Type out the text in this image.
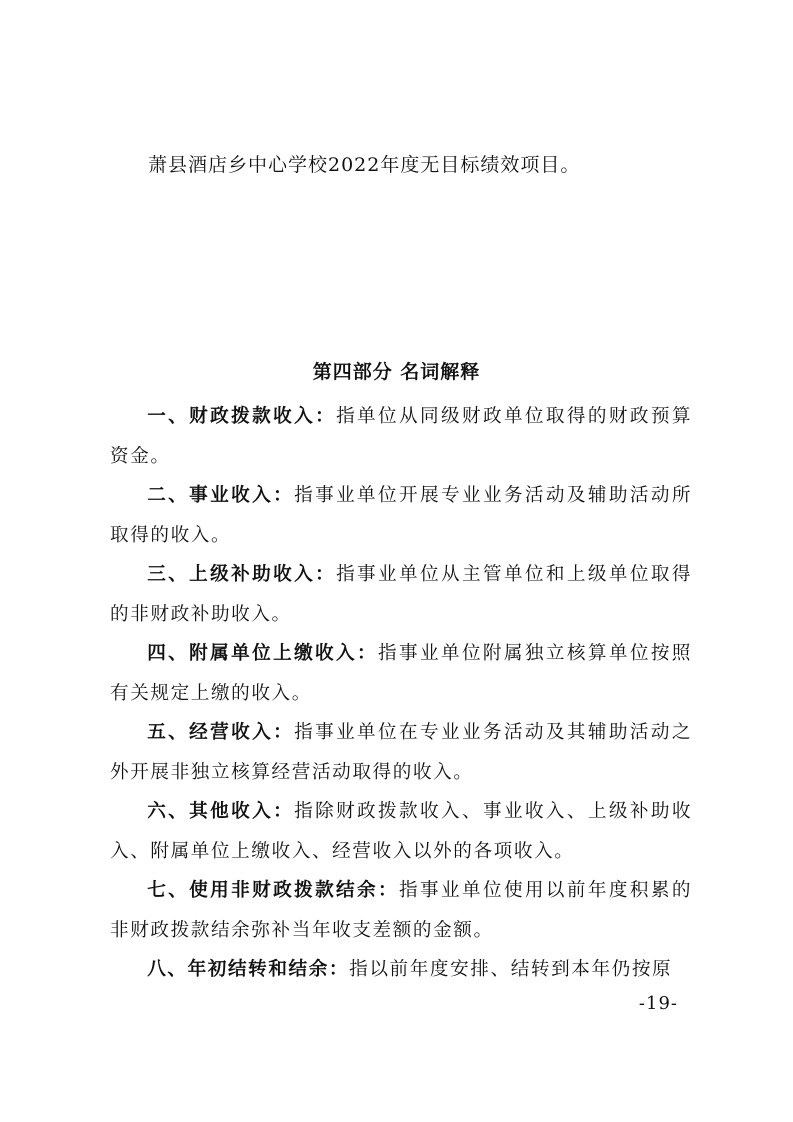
萧县酒店乡中心学校2022年度无目标绩效项目。
第四部分 名词解释

一、财政拨款收入：指单位从同级财政单位取得的财政预算资金。

二、事业收入：指事业单位开展专业业务活动及辅助活动所取得的收入。

三、上级补助收入：指事业单位从主管单位和上级单位取得的非财政补助收入。

四、附属单位上缴收入：指事业单位附属独立核算单位按照有关规定上缴的收入。

五、经营收入：指事业单位在专业业务活动及其辅助活动之外开展非独立核算经营活动取得的收入。

六、其他收入：指除财政拨款收入、事业收入、上级补助收入、附属单位上缴收入、经营收入以外的各项收入。

七、使用非财政拨款结余：指事业单位使用以前年度积累的非财政拨款结余弥补当年收支差额的金额。

八、年初结转和结余：指以前年度安排、结转到本年仍按原

-19-
